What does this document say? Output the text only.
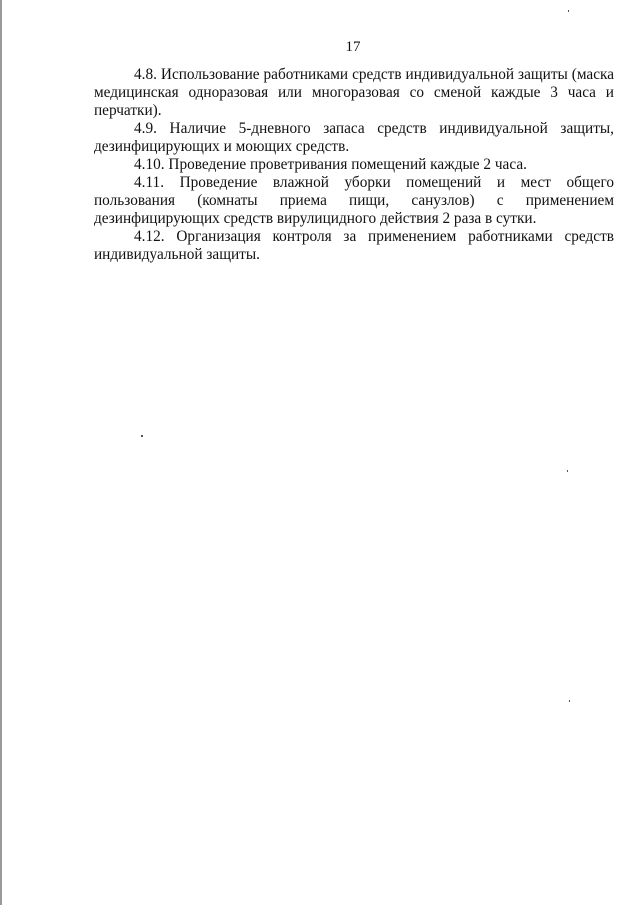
17

4.8. Использование работниками средств индивидуальной защиты (маска медицинская одноразовая или многоразовая со сменой каждые 3 часа и перчатки).

4.9. Наличие 5-дневного запаса средств индивидуальной защиты, дезинфицирующих и моющих средств.

4.10. Проведение проветривания помещений каждые 2 часа.

4.11. Проведение влажной уборки помещений и мест общего пользования (комнаты приема пищи, санузлов) с применением дезинфицирующих средств вирулицидного действия 2 раза в сутки.

4.12. Организация контроля за применением работниками средств индивидуальной защиты.
